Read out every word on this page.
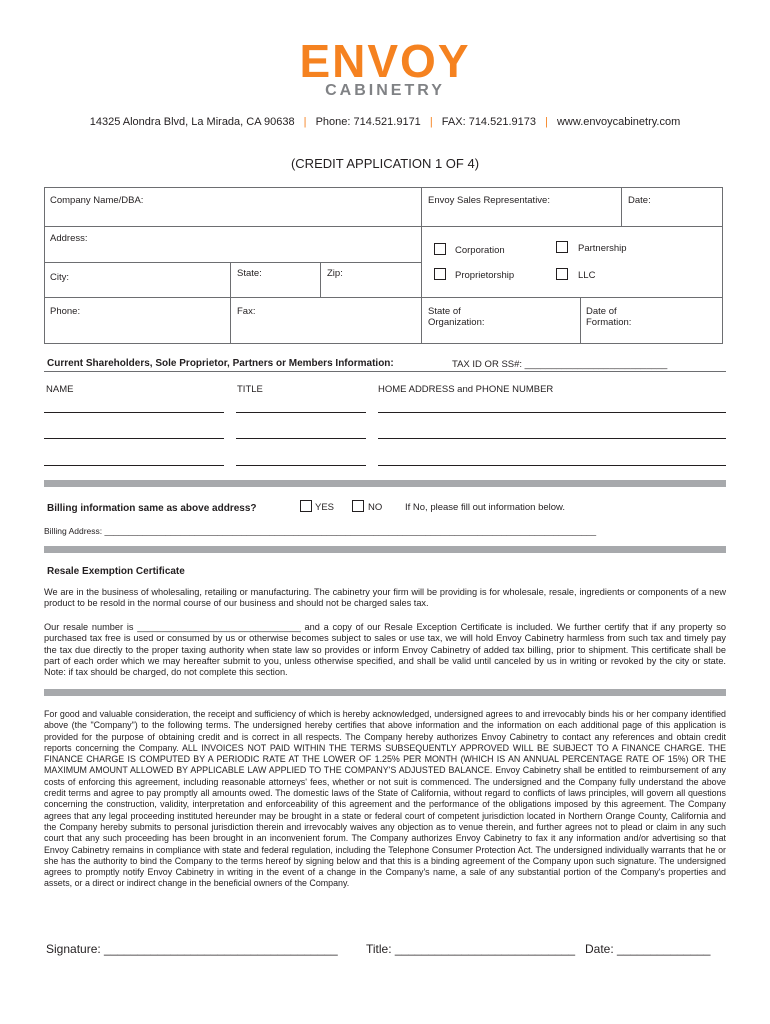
ENVOY
CABINETRY
14325 Alondra Blvd, La Mirada, CA 90638 | Phone: 714.521.9171 | FAX: 714.521.9173 | www.envoycabinetry.com
(CREDIT APPLICATION 1 OF 4)
Company Name/DBA:	Envoy Sales Representative:	Date:
Address:
City:	State:	Zip:
Corporation	Partnership
Proprietorship	LLC
Phone:	Fax:	State of
Organization:
Date of
Formation:
Current Shareholders, Sole Proprietor, Partners or Members Information:	TAX ID OR SS#: ___________________________
NAME	TITLE	HOME ADDRESS and PHONE NUMBER
Billing information same as above address?	YES	NO If No, please fill out information below.
Billing Address: ________________________________________________________________________________________________________
Resale Exemption Certificate
We are in the business of wholesaling, retailing or manufacturing. The cabinetry your firm will be providing is for wholesale, resale, ingredients or components of a new product to be resold in the normal course of our business and should not be charged sales tax.
Our resale number is ________________________________ and a copy of our Resale Exception Certificate is included. We further certify that if any property so purchased tax free is used or consumed by us or otherwise becomes subject to sales or use tax, we will hold Envoy Cabinetry harmless from such tax and timely pay the tax due directly to the proper taxing authority when state law so provides or inform Envoy Cabinetry of added tax billing, prior to shipment. This certificate shall be part of each order which we may hereafter submit to you, unless otherwise specified, and shall be valid until canceled by us in writing or revoked by the city or state. Note: if tax should be charged, do not complete this section.
For good and valuable consideration, the receipt and sufficiency of which is hereby acknowledged, undersigned agrees to and irrevocably binds his or her company identified above (the "Company") to the following terms. The undersigned hereby certifies that above information and the information on each additional page of this application is provided for the purpose of obtaining credit and is correct in all respects. The Company hereby authorizes Envoy Cabinetry to contact any references and obtain credit reports concerning the Company. ALL INVOICES NOT PAID WITHIN THE TERMS SUBSEQUENTLY APPROVED WILL BE SUBJECT TO A FINANCE CHARGE. THE FINANCE CHARGE IS COMPUTED BY A PERIODIC RATE AT THE LOWER OF 1.25% PER MONTH (WHICH IS AN ANNUAL PERCENTAGE RATE OF 15%) OR THE MAXIMUM AMOUNT ALLOWED BY APPLICABLE LAW APPLIED TO THE COMPANY'S ADJUSTED BALANCE. Envoy Cabinetry shall be entitled to reimbursement of any costs of enforcing this agreement, including reasonable attorneys' fees, whether or not suit is commenced. The undersigned and the Company fully understand the above credit terms and agree to pay promptly all amounts owed. The domestic laws of the State of California, without regard to conflicts of laws principles, will govern all questions concerning the construction, validity, interpretation and enforceability of this agreement and the performance of the obligations imposed by this agreement. The Company agrees that any legal proceeding instituted hereunder may be brought in a state or federal court of competent jurisdiction located in Northern Orange County, California and the Company hereby submits to personal jurisdiction therein and irrevocably waives any objection as to venue therein, and further agrees not to plead or claim in any such court that any such proceeding has been brought in an inconvenient forum. The Company authorizes Envoy Cabinetry to fax it any information and/or advertising so that Envoy Cabinetry remains in compliance with state and federal regulation, including the Telephone Consumer Protection Act. The undersigned individually warrants that he or she has the authority to bind the Company to the terms hereof by signing below and that this is a binding agreement of the Company upon such signature. The undersigned agrees to promptly notify Envoy Cabinetry in writing in the event of a change in the Company's name, a sale of any substantial portion of the Company's properties and assets, or a direct or indirect change in the beneficial owners of the Company.
Signature: ___________________________________ Title: ___________________________ Date: ______________
